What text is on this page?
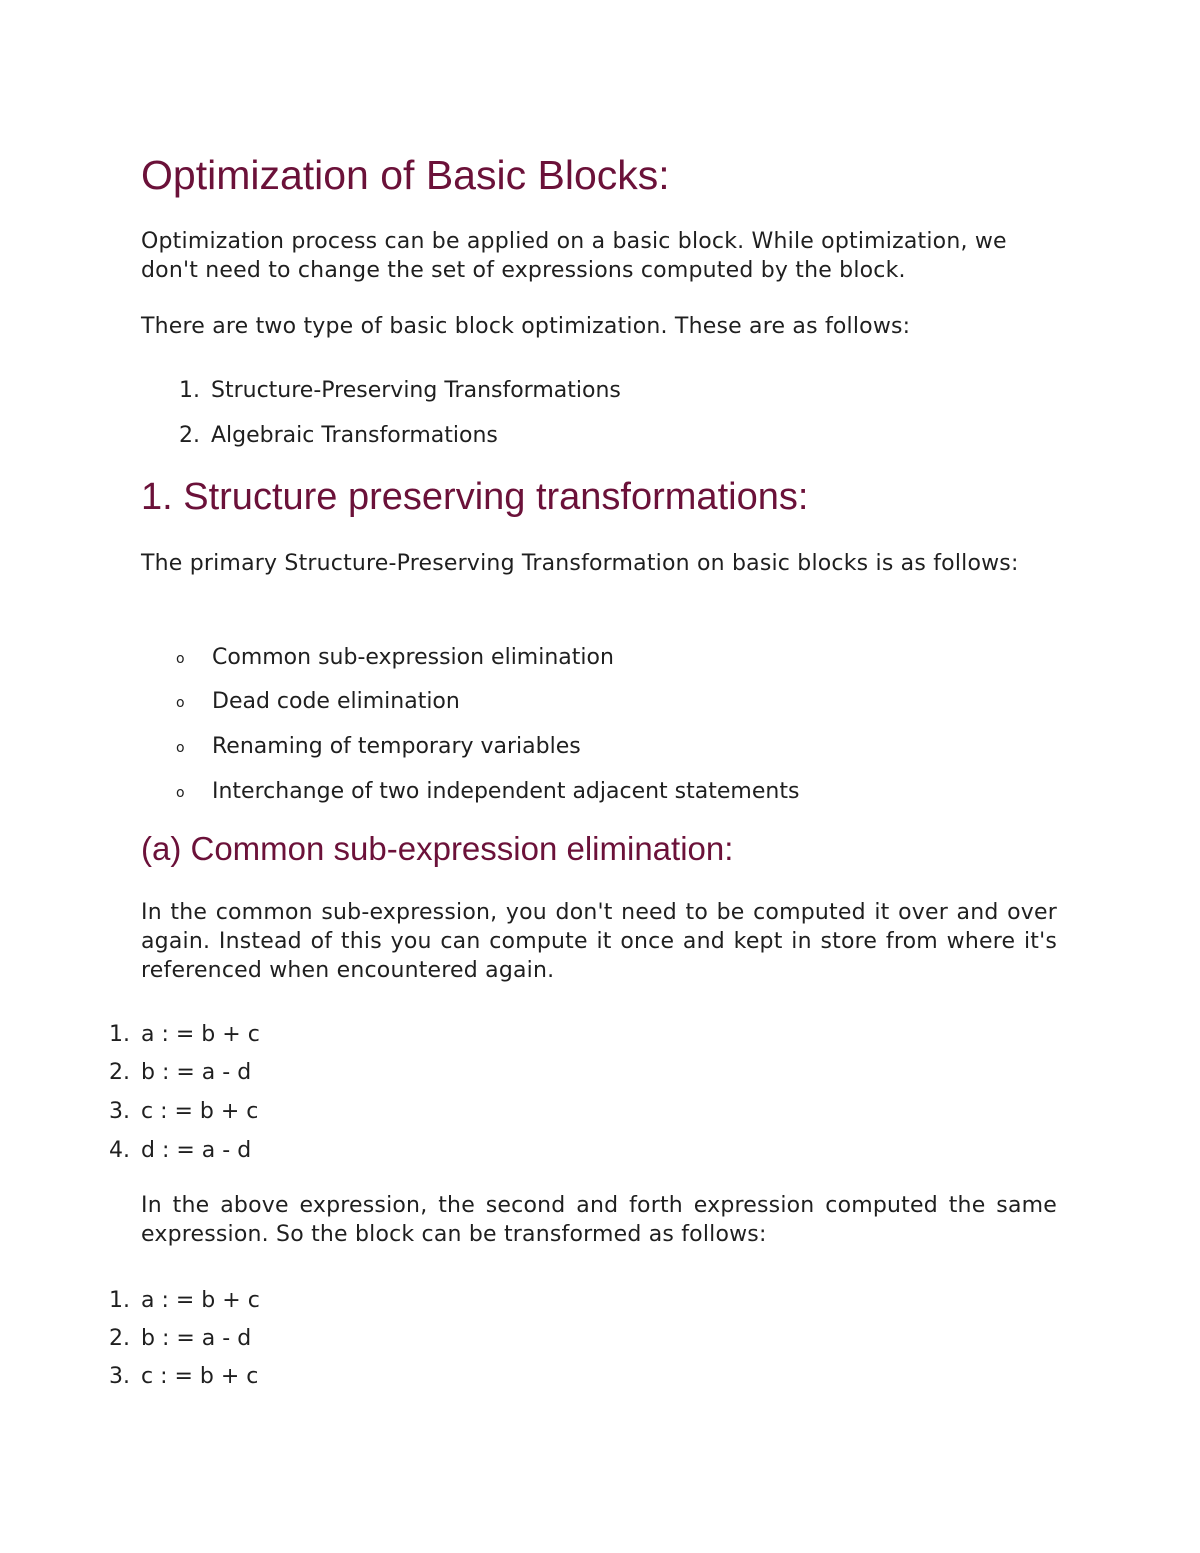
Optimization of Basic Blocks:

Optimization process can be applied on a basic block. While optimization, we don't need to change the set of expressions computed by the block.

There are two type of basic block optimization. These are as follows:

1. Structure-Preserving Transformations
2. Algebraic Transformations
1. Structure preserving transformations:

The primary Structure-Preserving Transformation on basic blocks is as follows:

o Common sub-expression elimination
o Dead code elimination
o Renaming of temporary variables
o Interchange of two independent adjacent statements
(a) Common sub-expression elimination:

In the common sub-expression, you don't need to be computed it over and over again. Instead of this you can compute it once and kept in store from where it's referenced when encountered again.

1. a : = b + c
2. b : = a - d
3. c : = b + c
4. d : = a - d

In the above expression, the second and forth expression computed the same expression. So the block can be transformed as follows:

1. a : = b + c
2. b : = a - d
3. c : = b + c
